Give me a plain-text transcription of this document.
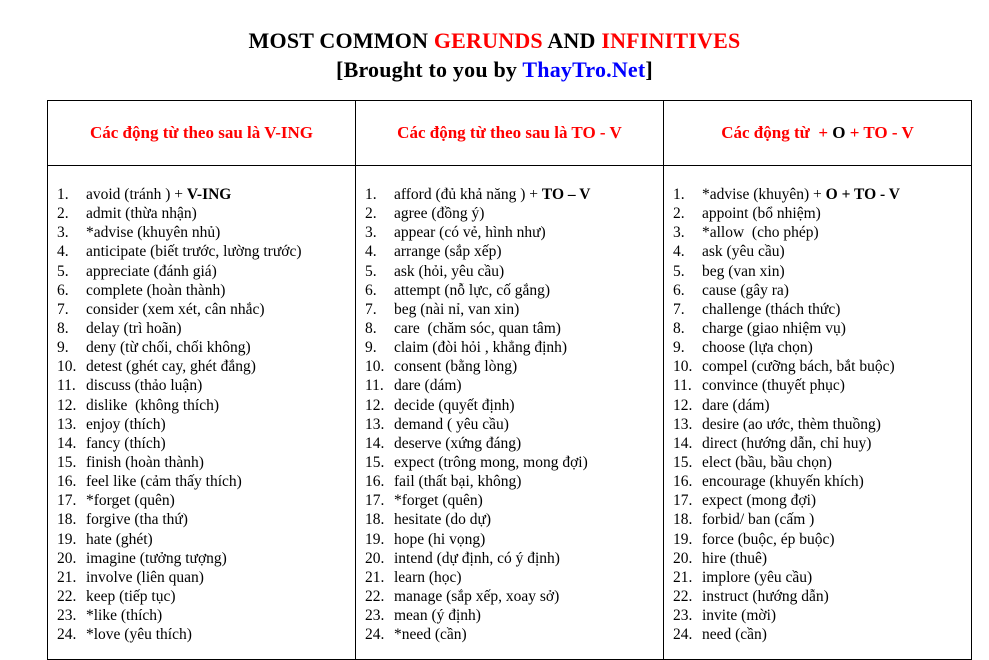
MOST COMMON GERUNDS AND INFINITIVES
[Brought to you by ThayTro.Net]
Các động từ theo sau là V-ING	Các động từ theo sau là TO - V	Các động từ + O + TO - V
1. avoid (tránh ) + V-ING
2. admit (thừa nhận)
3. *advise (khuyên nhủ)
4. anticipate (biết trước, lường trước)
5. appreciate (đánh giá)
6. complete (hoàn thành)
7. consider (xem xét, cân nhắc)
8. delay (trì hoãn)
9. deny (từ chối, chối không)
10. detest (ghét cay, ghét đắng)
11. discuss (thảo luận)
12. dislike  (không thích)
13. enjoy (thích)
14. fancy (thích)
15. finish (hoàn thành)
16. feel like (cảm thấy thích)
17. *forget (quên)
18. forgive (tha thứ)
19. hate (ghét)
20. imagine (tưởng tượng)
21. involve (liên quan)
22. keep (tiếp tục)
23. *like (thích)
24. *love (yêu thích)
1. afford (đủ khả năng ) + TO – V
2. agree (đồng ý)
3. appear (có vẻ, hình như)
4. arrange (sắp xếp)
5. ask (hỏi, yêu cầu)
6. attempt (nỗ lực, cố gắng)
7. beg (nài nỉ, van xin)
8. care  (chăm sóc, quan tâm)
9. claim (đòi hỏi , khẳng định)
10. consent (bằng lòng)
11. dare (dám)
12. decide (quyết định)
13. demand ( yêu cầu)
14. deserve (xứng đáng)
15. expect (trông mong, mong đợi)
16. fail (thất bại, không)
17. *forget (quên)
18. hesitate (do dự)
19. hope (hi vọng)
20. intend (dự định, có ý định)
21. learn (học)
22. manage (sắp xếp, xoay sở)
23. mean (ý định)
24. *need (cần)
1. *advise (khuyên) + O + TO - V
2. appoint (bổ nhiệm)
3. *allow  (cho phép)
4. ask (yêu cầu)
5. beg (van xin)
6. cause (gây ra)
7. challenge (thách thức)
8. charge (giao nhiệm vụ)
9. choose (lựa chọn)
10. compel (cưỡng bách, bắt buộc)
11. convince (thuyết phục)
12. dare (dám)
13. desire (ao ước, thèm thuồng)
14. direct (hướng dẫn, chỉ huy)
15. elect (bầu, bầu chọn)
16. encourage (khuyến khích)
17. expect (mong đợi)
18. forbid/ ban (cấm )
19. force (buộc, ép buộc)
20. hire (thuê)
21. implore (yêu cầu)
22. instruct (hướng dẫn)
23. invite (mời)
24. need (cần)
